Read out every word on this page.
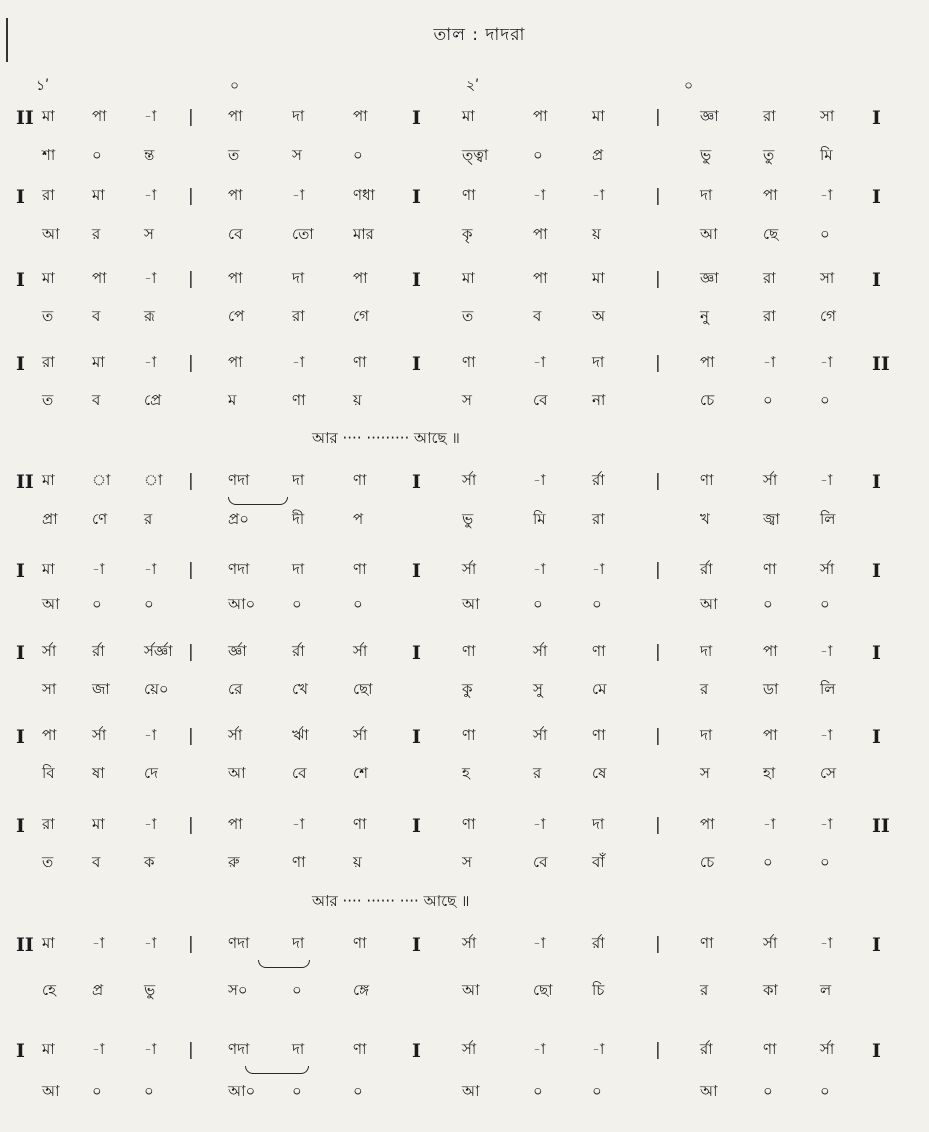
তাল : দাদরা
১ʹ	০	২ʹ	০
II মা পা -া | পা	দা	পা I	মা	পা	মা	|	জ্ঞা	রা	সা I
শা ০	ন্ত	ত	স	০	ত্ত্বা	০	প্র	ভু	তু	মি
I রা মা	-া | পা	-া	ণধা I	ণা	-া	-া	|	দা	পা	-া I
আ র	স	বে	তো	মার	কৃ	পা	য়	আ	ছে	০
I মা পা -া | পা	দা	পা I	মা	পা	মা	|	জ্ঞা	রা	সা I
ত	ব	রূ	পে	রা	গে	ত	ব	অ	নু	রা	গে
I রা মা	-া | পা	-া	ণা I	ণা	-া	দা	|	পা	-া	-া II
ত	ব	প্রে	ম	ণা	য়	স	বে	না	চে	০	০
II মা া া | ণদা	দা	ণা I	র্সা	-া	র্রা	|	ণা	র্সা	-া I
প্রা ণে র	প্র০	দী	প	ভু	মি	রা	খ	জ্বা	লি
I মা -া	-া | ণদা	দা	ণা I	র্সা	-া	-া	|	র্রা	ণা	র্সা I
আ ০	০	আ০ ০	০	আ	০	০	আ	০	০
I র্সা র্রা	র্সর্জ্ঞা | র্জ্ঞা	র্রা	র্সা I	ণা	র্সা	ণা	|	দা	পা	-া I
সা জা য়ে০	রে	খে	ছো	কু	সু	মে	র	ডা	লি
I পা র্সা	-া | র্সা	র্ঋা	র্সা I	ণা	র্সা	ণা	|	দা	পা	-া I
বি ষা	দে	আ	বে	শে	হ	র	ষে	স	হা	সে
I রা মা	-া | পা	-া	ণা I	ণা	-া	দা	|	পা	-া	-া II
ত	ব	ক	রু	ণা	য়	স	বে	বাঁ	চে	০	০
II মা -া	-া | ণদা	দা	ণা I	র্সা	-া	র্রা	|	ণা	র্সা	-া I
হে প্র	ভু	স০	০	ঙ্গে	আ	ছো	চি	র	কা	ল
I মা -া	-া | ণদা	দা	ণা I	র্সা	-া	-া	|	র্রা	ণা	র্সা I
আ ০	০	আ০ ০	০	আ	০	০	আ	০	০
আর ···· ········· আছে ॥
আর ···· ······ ···· আছে ॥
